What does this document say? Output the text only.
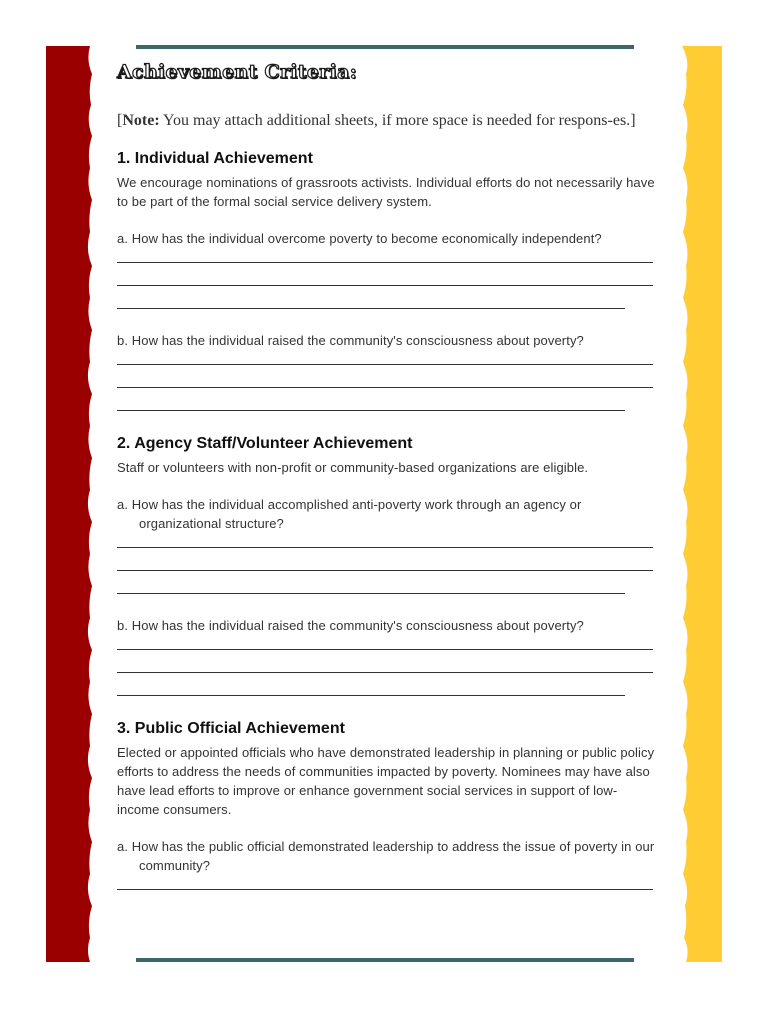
Achievement Criteria:

[Note: You may attach additional sheets, if more space is needed for respons-es.]

1. Individual Achievement
We encourage nominations of grassroots activists. Individual efforts do not necessarily have to be part of the formal social service delivery system.
a. How has the individual overcome poverty to become economically independent?
b. How has the individual raised the community's consciousness about poverty?
2. Agency Staff/Volunteer Achievement
Staff or volunteers with non-profit or community-based organizations are eligible.
a. How has the individual accomplished anti-poverty work through an agency or organizational structure?
b. How has the individual raised the community's consciousness about poverty?
3. Public Official Achievement
Elected or appointed officials who have demonstrated leadership in planning or public policy efforts to address the needs of communities impacted by poverty. Nominees may have also have lead efforts to improve or enhance government social services in support of low-income consumers.
a. How has the public official demonstrated leadership to address the issue of poverty in our community?
